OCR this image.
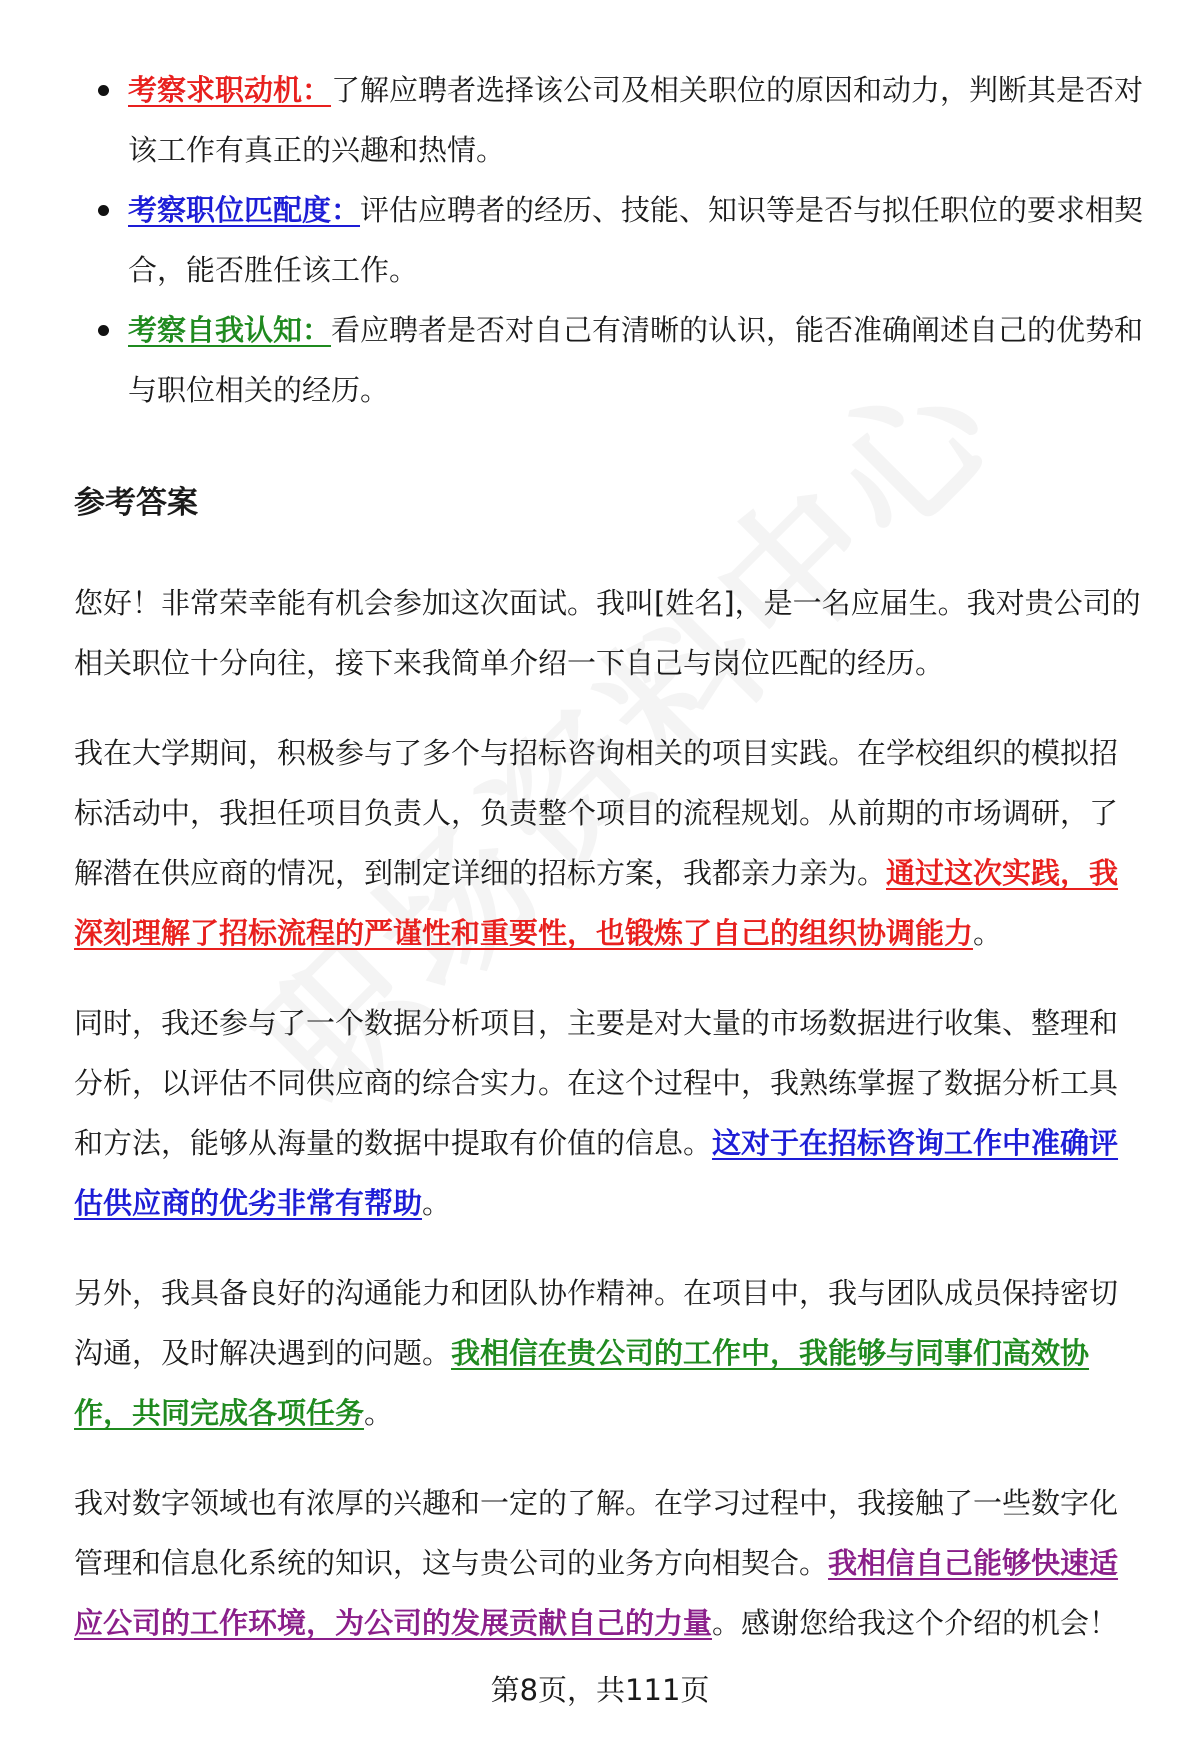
考察求职动机：了解应聘者选择该公司及相关职位的原因和动力，判断其是否对该工作有真正的兴趣和热情。
考察职位匹配度：评估应聘者的经历、技能、知识等是否与拟任职位的要求相契合，能否胜任该工作。
考察自我认知：看应聘者是否对自己有清晰的认识，能否准确阐述自己的优势和与职位相关的经历。
参考答案

您好！非常荣幸能有机会参加这次面试。我叫[姓名]，是一名应届生。我对贵公司的相关职位十分向往，接下来我简单介绍一下自己与岗位匹配的经历。

我在大学期间，积极参与了多个与招标咨询相关的项目实践。在学校组织的模拟招标活动中，我担任项目负责人，负责整个项目的流程规划。从前期的市场调研，了解潜在供应商的情况，到制定详细的招标方案，我都亲力亲为。通过这次实践，我深刻理解了招标流程的严谨性和重要性，也锻炼了自己的组织协调能力。

同时，我还参与了一个数据分析项目，主要是对大量的市场数据进行收集、整理和分析，以评估不同供应商的综合实力。在这个过程中，我熟练掌握了数据分析工具和方法，能够从海量的数据中提取有价值的信息。这对于在招标咨询工作中准确评估供应商的优劣非常有帮助。

另外，我具备良好的沟通能力和团队协作精神。在项目中，我与团队成员保持密切沟通，及时解决遇到的问题。我相信在贵公司的工作中，我能够与同事们高效协作，共同完成各项任务。

我对数字领域也有浓厚的兴趣和一定的了解。在学习过程中，我接触了一些数字化管理和信息化系统的知识，这与贵公司的业务方向相契合。我相信自己能够快速适应公司的工作环境，为公司的发展贡献自己的力量。感谢您给我这个介绍的机会！

第8页，共111页
